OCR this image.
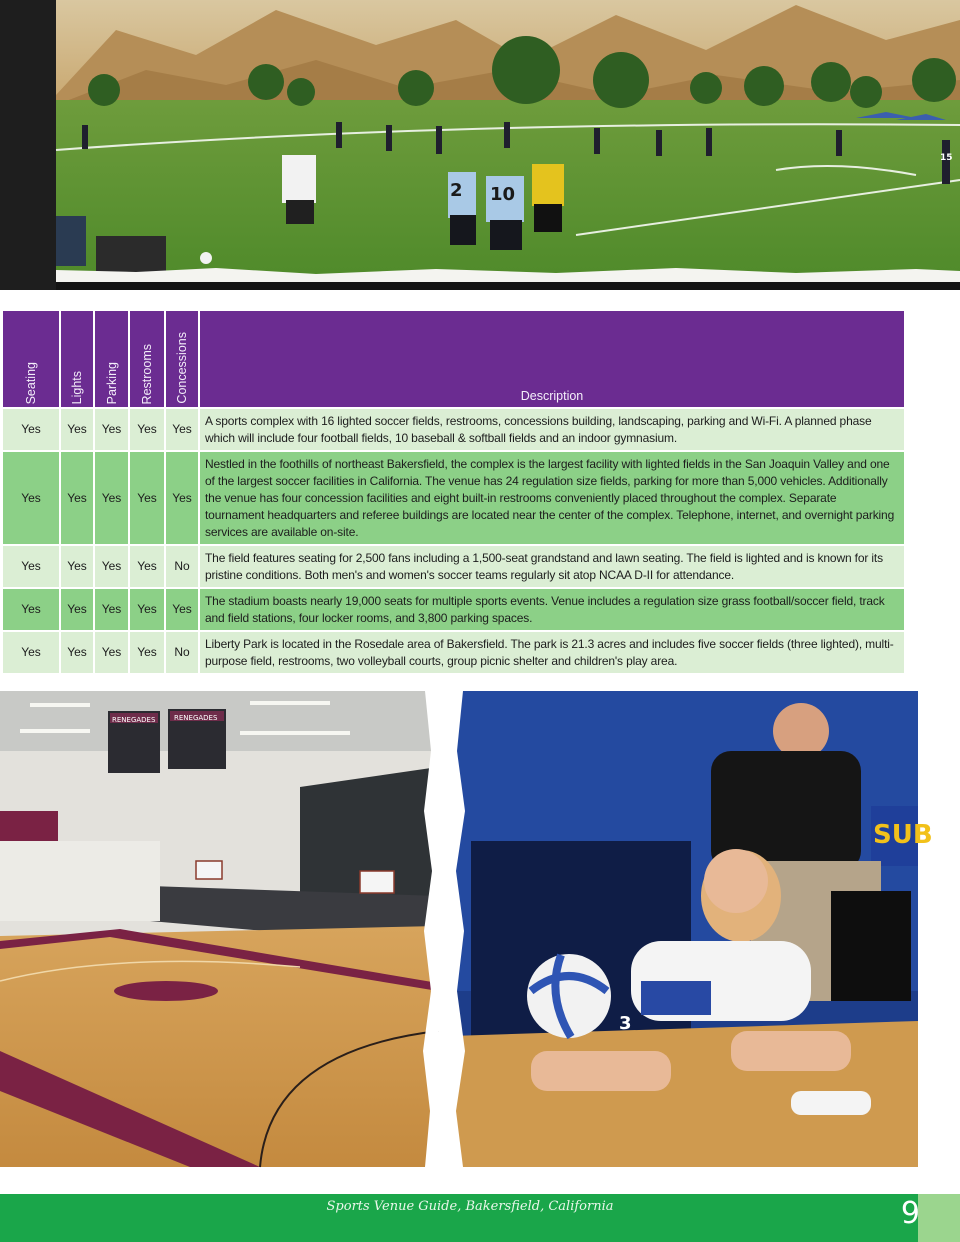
2 10
15
Seating	Lights	Parking	Restrooms	Concessions	Description
Yes	Yes	Yes	Yes	Yes	A sports complex with 16 lighted soccer fields, restrooms, concessions building, landscaping, parking and Wi-Fi. A planned phase which will include four football fields, 10 baseball & softball fields and an indoor gymnasium.
Yes	Yes	Yes	Yes	Yes	Nestled in the foothills of northeast Bakersfield, the complex is the largest facility with lighted fields in the San Joaquin Valley and one of the largest soccer facilities in California. The venue has 24 regulation size fields, parking for more than 5,000 vehicles. Additionally the venue has four concession facilities and eight built-in restrooms conveniently placed throughout the complex. Separate tournament headquarters and referee buildings are located near the center of the complex. Telephone, internet, and overnight parking services are available on-site.
Yes	Yes	Yes	Yes	No	The field features seating for 2,500 fans including a 1,500-seat grandstand and lawn seating. The field is lighted and is known for its pristine conditions. Both men's and women's soccer teams regularly sit atop NCAA D-II for attendance.
Yes	Yes	Yes	Yes	Yes	The stadium boasts nearly 19,000 seats for multiple sports events. Venue includes a regulation size grass football/soccer field, track and field stations, four locker rooms, and 3,800 parking spaces.
Yes	Yes	Yes	Yes	No	Liberty Park is located in the Rosedale area of Bakersfield. The park is 21.3 acres and includes five soccer fields (three lighted), multi-purpose field, restrooms, two volleyball courts, group picnic shelter and children's play area.
RENEGADES	RENEGADES
SUB
3
Sports Venue Guide, Bakersfield, California	9
